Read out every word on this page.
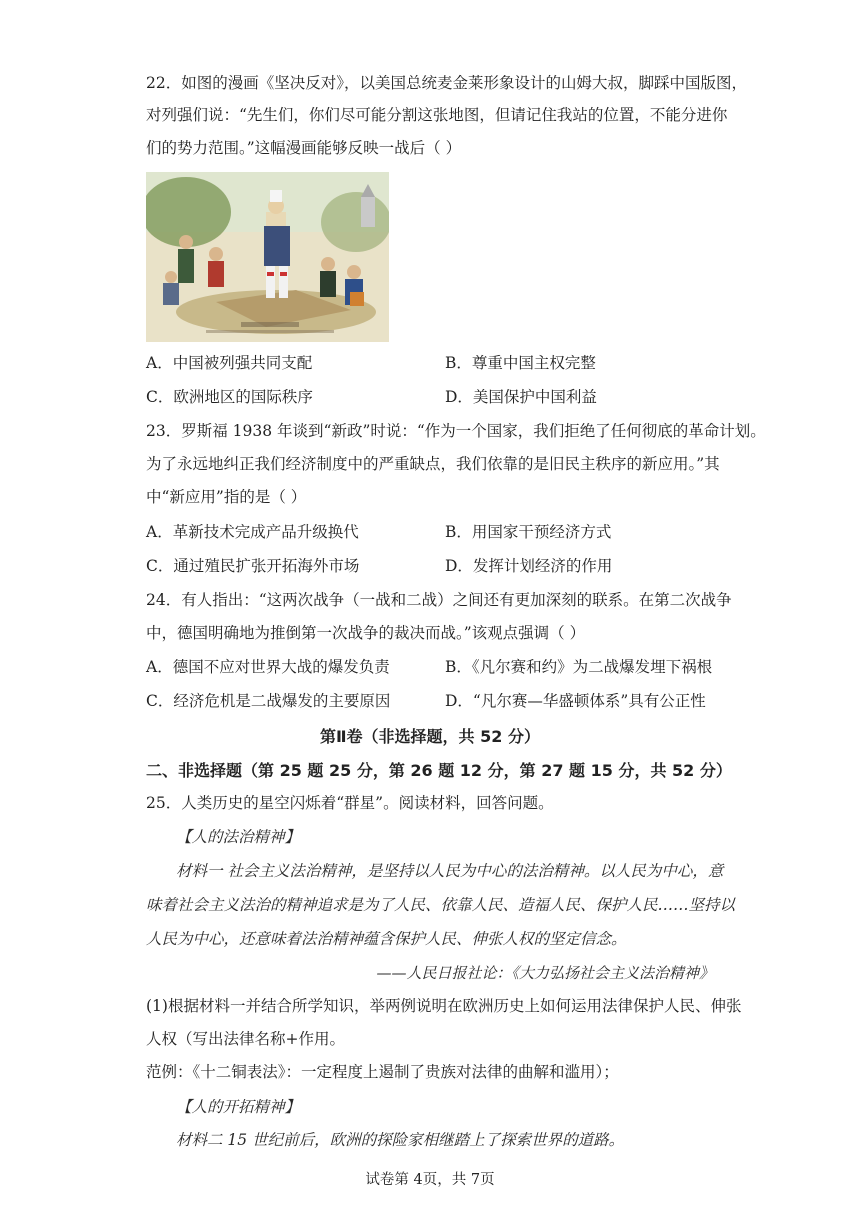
22．如图的漫画《坚决反对》，以美国总统麦金莱形象设计的山姆大叔，脚踩中国版图，
对列强们说：“先生们，你们尽可能分割这张地图，但请记住我站的位置，不能分进你
们的势力范围。”这幅漫画能够反映一战后（ ）
A．中国被列强共同支配	B．尊重中国主权完整
C．欧洲地区的国际秩序	D．美国保护中国利益
23．罗斯福 1938 年谈到“新政”时说：“作为一个国家，我们拒绝了任何彻底的革命计划。
为了永远地纠正我们经济制度中的严重缺点，我们依靠的是旧民主秩序的新应用。”其
中“新应用”指的是（ ）
A．革新技术完成产品升级换代	B．用国家干预经济方式
C．通过殖民扩张开拓海外市场	D．发挥计划经济的作用
24．有人指出：“这两次战争（一战和二战）之间还有更加深刻的联系。在第二次战争
中，德国明确地为推倒第一次战争的裁决而战。”该观点强调（ ）
A．德国不应对世界大战的爆发负责	B．《凡尔赛和约》为二战爆发埋下祸根
C．经济危机是二战爆发的主要原因	D．“凡尔赛—华盛顿体系”具有公正性
第Ⅱ卷（非选择题，共 52 分）
二、非选择题（第 25 题 25 分，第 26 题 12 分，第 27 题 15 分，共 52 分）
25．人类历史的星空闪烁着“群星”。阅读材料，回答问题。
【人的法治精神】
材料一 社会主义法治精神，是坚持以人民为中心的法治精神。以人民为中心，意
味着社会主义法治的精神追求是为了人民、依靠人民、造福人民、保护人民……坚持以
人民为中心，还意味着法治精神蕴含保护人民、伸张人权的坚定信念。
——人民日报社论：《大力弘扬社会主义法治精神》
(1)根据材料一并结合所学知识，举两例说明在欧洲历史上如何运用法律保护人民、伸张
人权（写出法律名称+作用。
范例：《十二铜表法》：一定程度上遏制了贵族对法律的曲解和滥用）；
【人的开拓精神】
材料二 15 世纪前后，欧洲的探险家相继踏上了探索世界的道路。
试卷第 4页，共 7页
